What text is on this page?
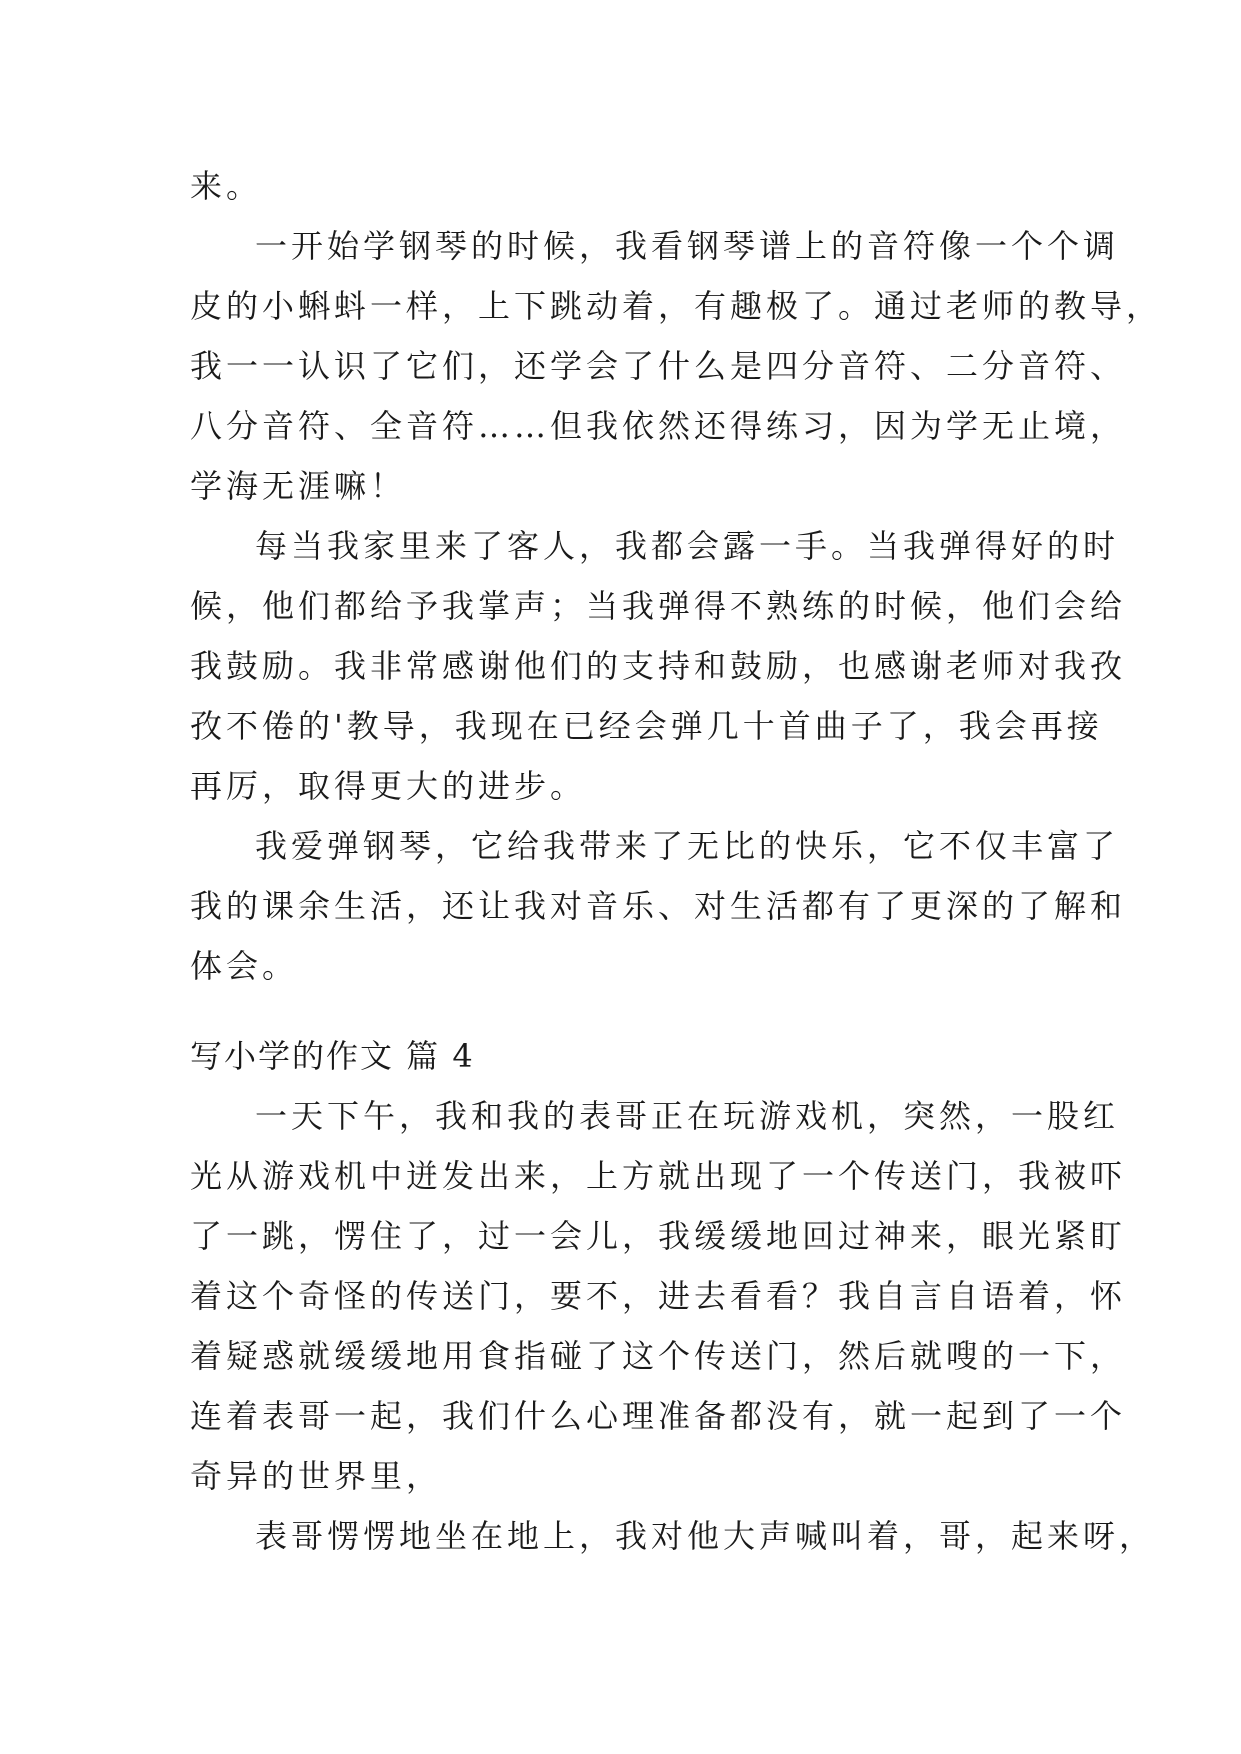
来。
一开始学钢琴的时候，我看钢琴谱上的音符像一个个调
皮的小蝌蚪一样，上下跳动着，有趣极了。通过老师的教导，
我一一认识了它们，还学会了什么是四分音符、二分音符、
八分音符、全音符……但我依然还得练习，因为学无止境，
学海无涯嘛！
每当我家里来了客人，我都会露一手。当我弹得好的时
候，他们都给予我掌声；当我弹得不熟练的时候，他们会给
我鼓励。我非常感谢他们的支持和鼓励，也感谢老师对我孜
孜不倦的'教导，我现在已经会弹几十首曲子了，我会再接
再厉，取得更大的进步。
我爱弹钢琴，它给我带来了无比的快乐，它不仅丰富了
我的课余生活，还让我对音乐、对生活都有了更深的了解和
体会。
写小学的作文 篇 4
一天下午，我和我的表哥正在玩游戏机，突然，一股红
光从游戏机中迸发出来，上方就出现了一个传送门，我被吓
了一跳，愣住了，过一会儿，我缓缓地回过神来，眼光紧盯
着这个奇怪的传送门，要不，进去看看？我自言自语着，怀
着疑惑就缓缓地用食指碰了这个传送门，然后就嗖的一下，
连着表哥一起，我们什么心理准备都没有，就一起到了一个
奇异的世界里，
表哥愣愣地坐在地上，我对他大声喊叫着，哥，起来呀，
